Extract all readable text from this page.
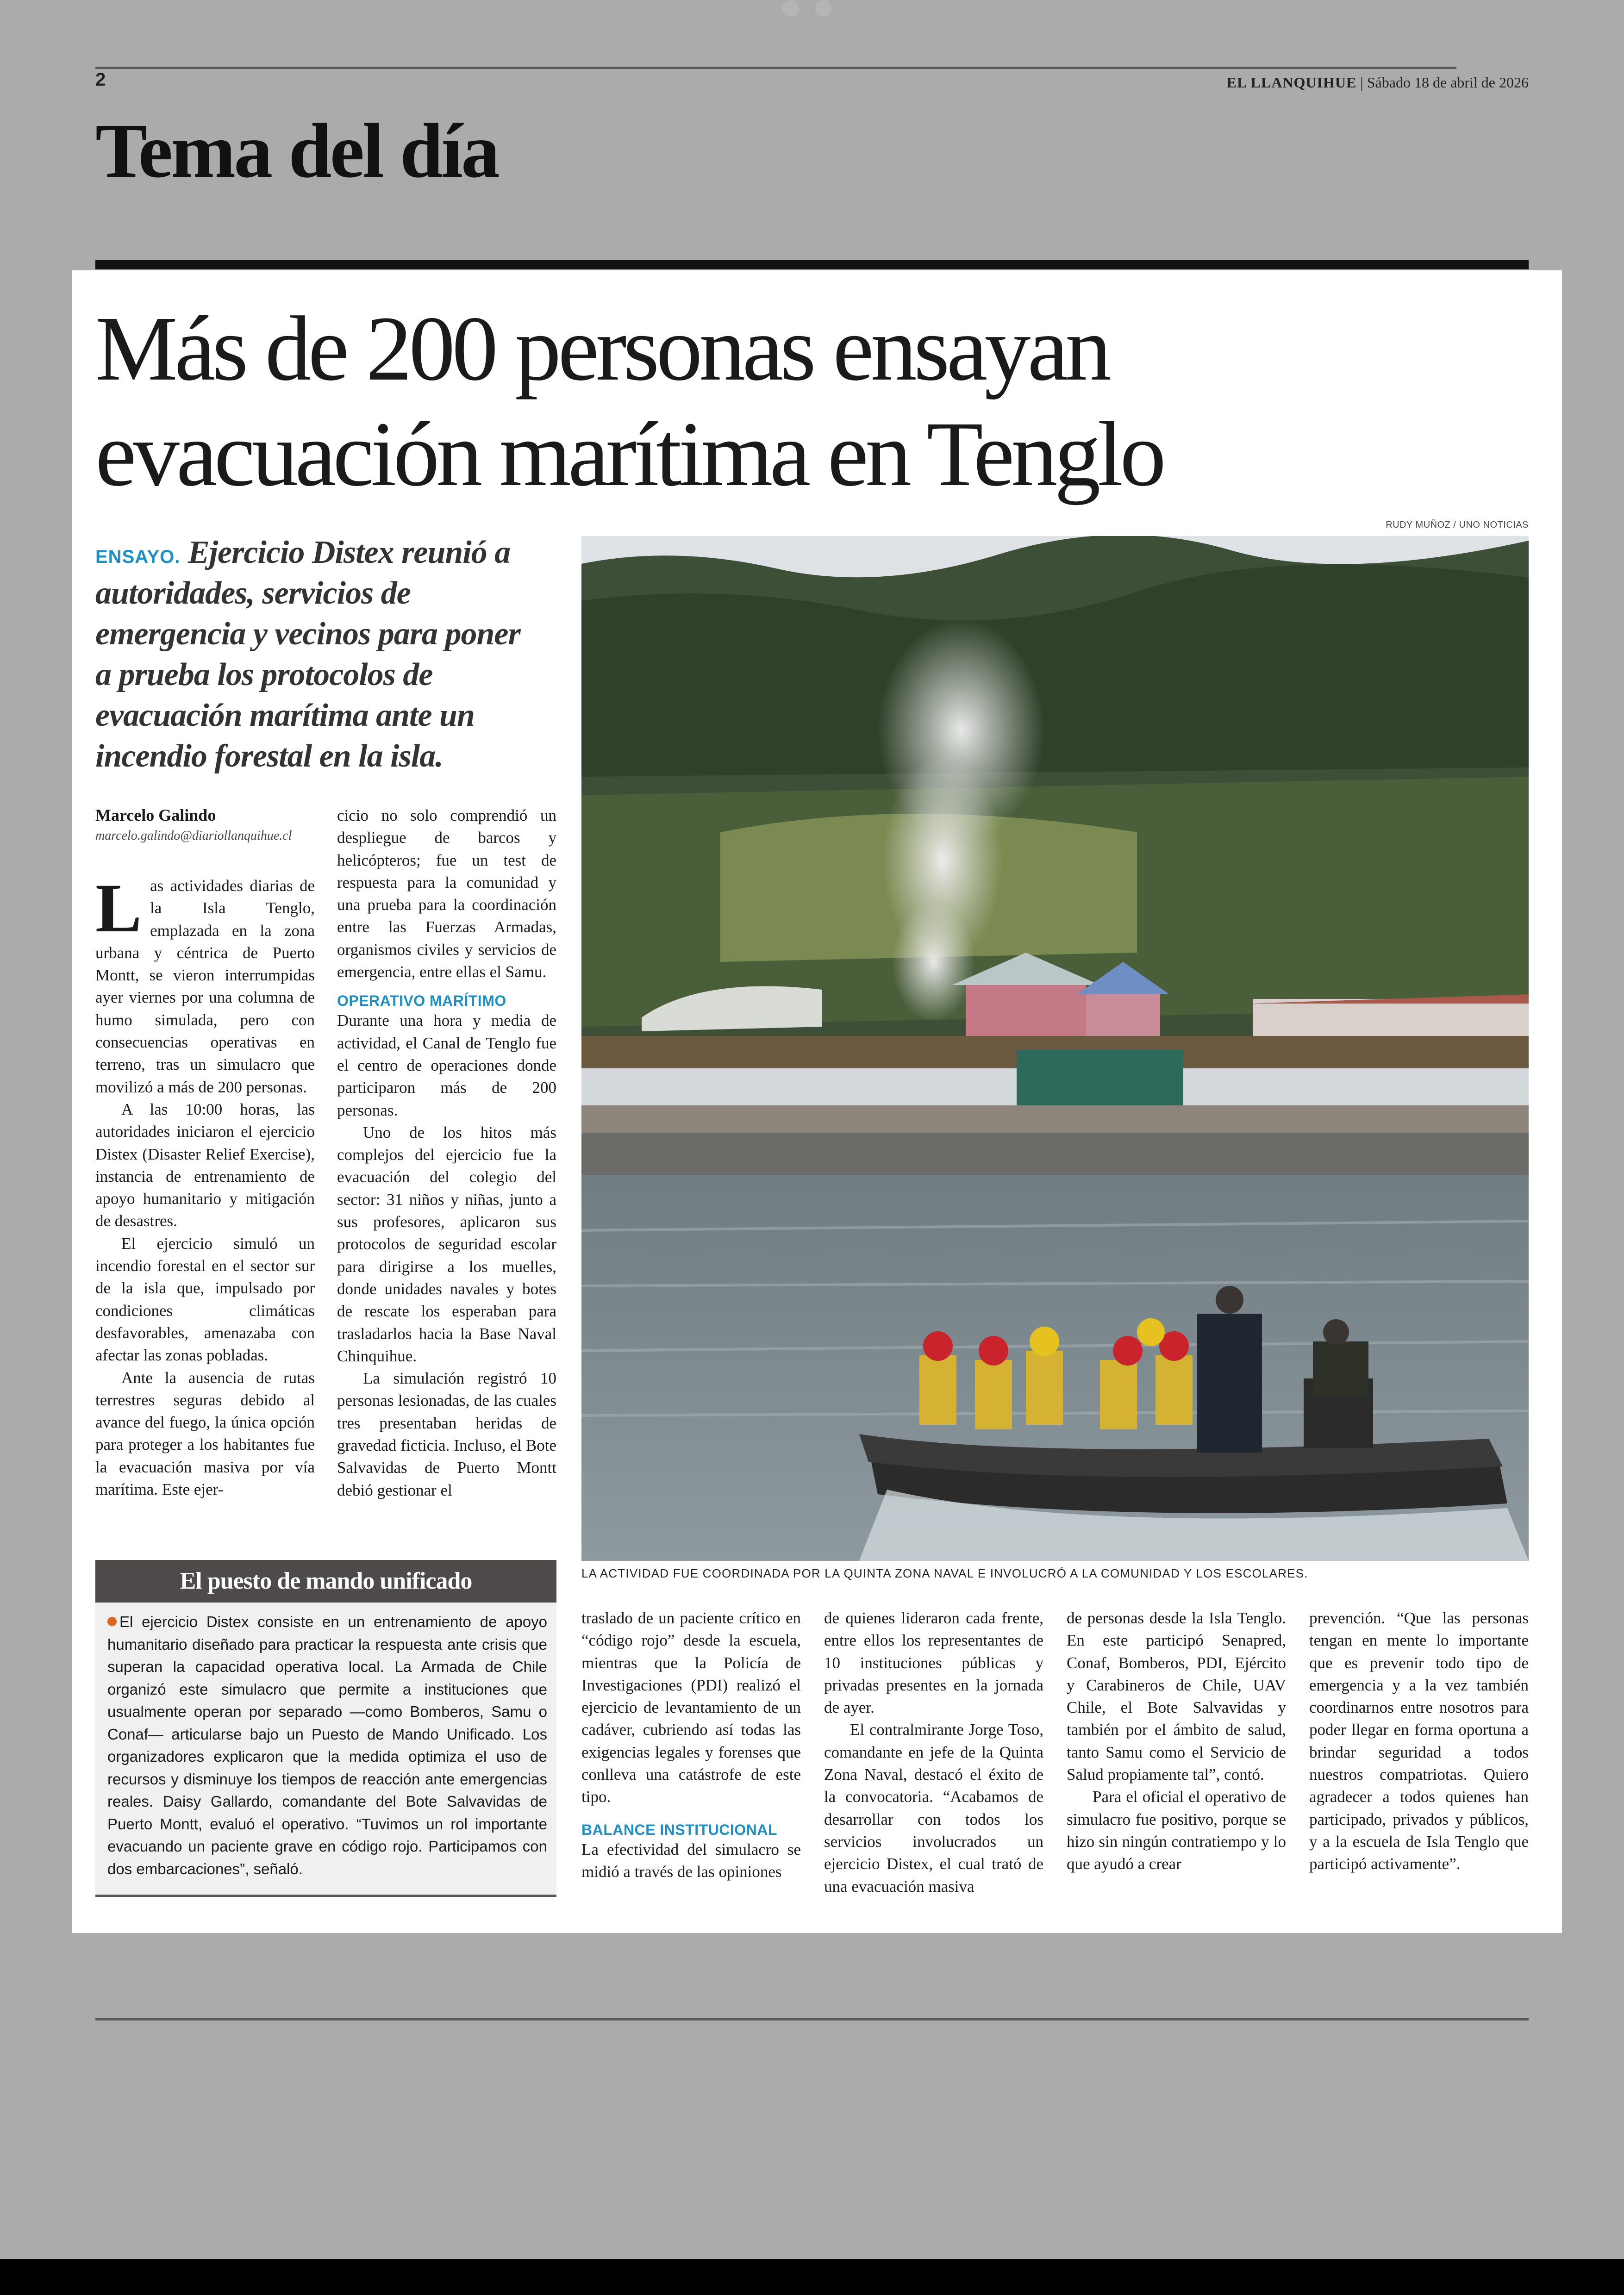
2	EL LLANQUIHUE | Sábado 18 de abril de 2026
Tema del día
Más de 200 personas ensayan evacuación marítima en Tenglo
RUDY MUÑOZ / UNO NOTICIAS
LA ACTIVIDAD FUE COORDINADA POR LA QUINTA ZONA NAVAL E INVOLUCRÓ A LA COMUNIDAD Y LOS ESCOLARES.
ENSAYO. Ejercicio Distex reunió a autoridades, servicios de emergencia y vecinos para poner a prueba los protocolos de evacuación marítima ante un incendio forestal en la isla.
Marcelo Galindo
marcelo.galindo@diariollanquihue.cl

Las actividades diarias de la Isla Tenglo, emplazada en la zona urbana y céntrica de Puerto Montt, se vieron interrumpidas ayer viernes por una columna de humo simulada, pero con consecuencias operativas en terreno, tras un simulacro que movilizó a más de 200 personas.

A las 10:00 horas, las autoridades iniciaron el ejercicio Distex (Disaster Relief Exercise), instancia de entrenamiento de apoyo humanitario y mitigación de desastres.

El ejercicio simuló un incendio forestal en el sector sur de la isla que, impulsado por condiciones climáticas desfavorables, amenazaba con afectar las zonas pobladas.

Ante la ausencia de rutas terrestres seguras debido al avance del fuego, la única opción para proteger a los habitantes fue la evacuación masiva por vía marítima. Este ejer-

cicio no solo comprendió un despliegue de barcos y helicópteros; fue un test de respuesta para la comunidad y una prueba para la coordinación entre las Fuerzas Armadas, organismos civiles y servicios de emergencia, entre ellas el Samu.

OPERATIVO MARÍTIMO

Durante una hora y media de actividad, el Canal de Tenglo fue el centro de operaciones donde participaron más de 200 personas.

Uno de los hitos más complejos del ejercicio fue la evacuación del colegio del sector: 31 niños y niñas, junto a sus profesores, aplicaron sus protocolos de seguridad escolar para dirigirse a los muelles, donde unidades navales y botes de rescate los esperaban para trasladarlos hacia la Base Naval Chinquihue.

La simulación registró 10 personas lesionadas, de las cuales tres presentaban heridas de gravedad ficticia. Incluso, el Bote Salvavidas de Puerto Montt debió gestionar el

El puesto de mando unificado
El ejercicio Distex consiste en un entrenamiento de apoyo humanitario diseñado para practicar la respuesta ante crisis que superan la capacidad operativa local. La Armada de Chile organizó este simulacro que permite a instituciones que usualmente operan por separado —como Bomberos, Samu o Conaf— articularse bajo un Puesto de Mando Unificado. Los organizadores explicaron que la medida optimiza el uso de recursos y disminuye los tiempos de reacción ante emergencias reales. Daisy Gallardo, comandante del Bote Salvavidas de Puerto Montt, evaluó el operativo. “Tuvimos un rol importante evacuando un paciente grave en código rojo. Participamos con dos embarcaciones”, señaló.

traslado de un paciente crítico en “código rojo” desde la escuela, mientras que la Policía de Investigaciones (PDI) realizó el ejercicio de levantamiento de un cadáver, cubriendo así todas las exigencias legales y forenses que conlleva una catástrofe de este tipo.

BALANCE INSTITUCIONAL

La efectividad del simulacro se midió a través de las opiniones

de quienes lideraron cada frente, entre ellos los representantes de 10 instituciones públicas y privadas presentes en la jornada de ayer.

El contralmirante Jorge Toso, comandante en jefe de la Quinta Zona Naval, destacó el éxito de la convocatoria. “Acabamos de desarrollar con todos los servicios involucrados un ejercicio Distex, el cual trató de una evacuación masiva

de personas desde la Isla Tenglo. En este participó Senapred, Conaf, Bomberos, PDI, Ejército y Carabineros de Chile, UAV Chile, el Bote Salvavidas y también por el ámbito de salud, tanto Samu como el Servicio de Salud propiamente tal”, contó.

Para el oficial el operativo de simulacro fue positivo, porque se hizo sin ningún contratiempo y lo que ayudó a crear

prevención. “Que las personas tengan en mente lo importante que es prevenir todo tipo de emergencia y a la vez también coordinarnos entre nosotros para poder llegar en forma oportuna a brindar seguridad a todos nuestros compatriotas. Quiero agradecer a todos quienes han participado, privados y públicos, y a la escuela de Isla Tenglo que participó activamente”.
